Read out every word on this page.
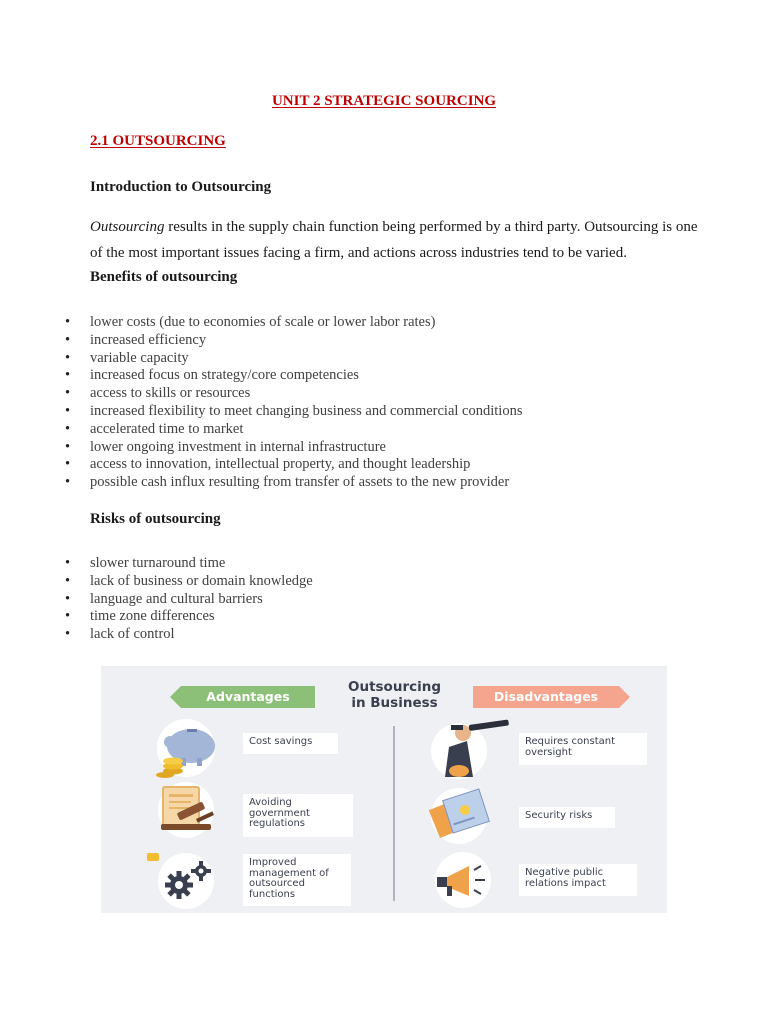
UNIT 2 STRATEGIC SOURCING
2.1 OUTSOURCING
Introduction to Outsourcing
Outsourcing results in the supply chain function being performed by a third party. Outsourcing is one of the most important issues facing a firm, and actions across industries tend to be varied.
Benefits of outsourcing
• lower costs (due to economies of scale or lower labor rates)
• increased efficiency
• variable capacity
• increased focus on strategy/core competencies
• access to skills or resources
• increased flexibility to meet changing business and commercial conditions
• accelerated time to market
• lower ongoing investment in internal infrastructure
• access to innovation, intellectual property, and thought leadership
• possible cash influx resulting from transfer of assets to the new provider
Risks of outsourcing
• slower turnaround time
• lack of business or domain knowledge
• language and cultural barriers
• time zone differences
• lack of control
Advantages
Outsourcing
in Business	Disadvantages
Cost savings
Avoiding government regulations
Improved management of outsourced functions
Requires constant oversight
Security risks
Negative public relations impact
